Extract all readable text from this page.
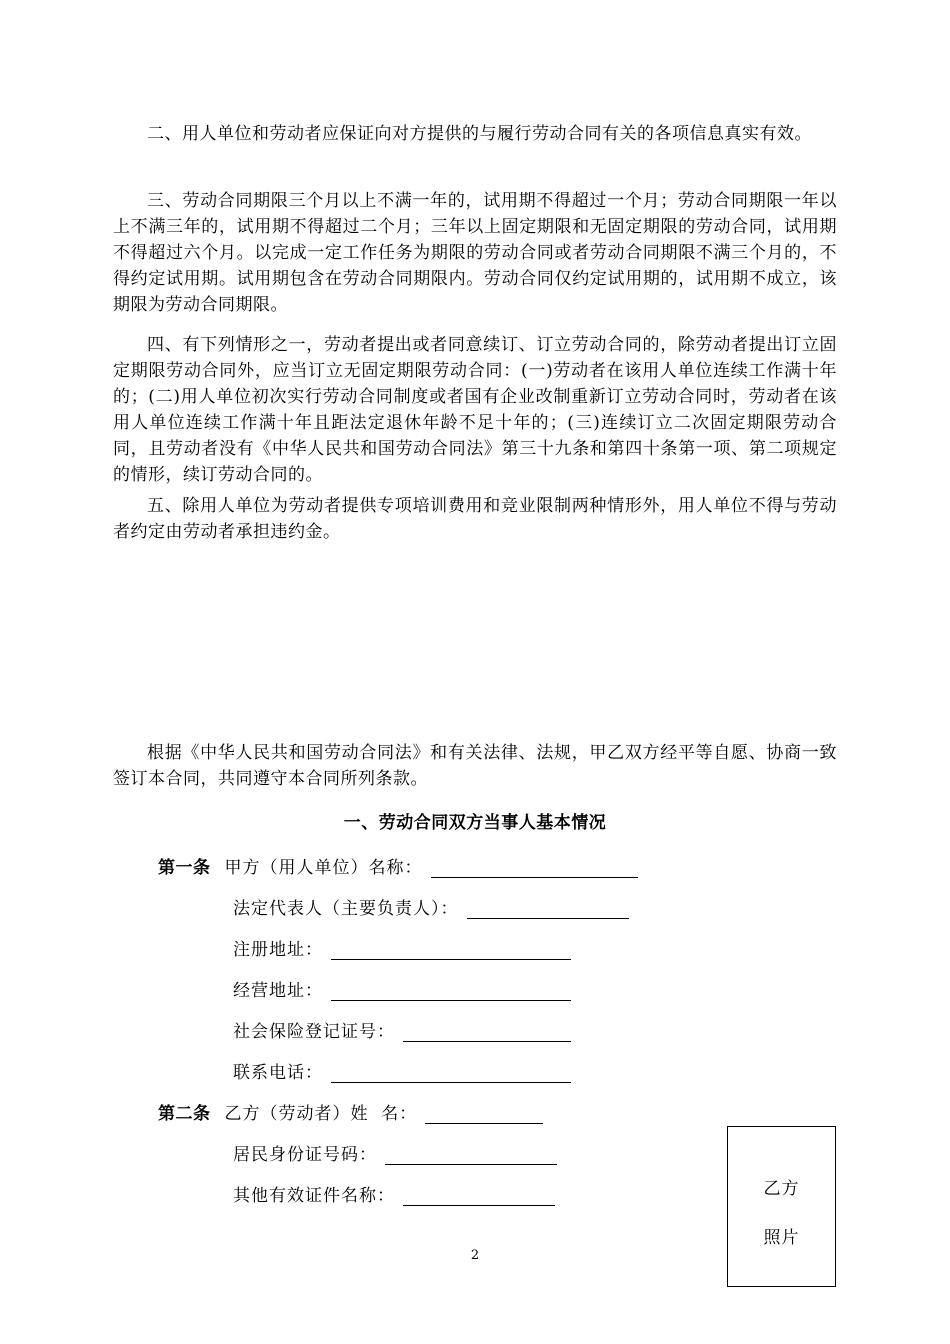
二、用人单位和劳动者应保证向对方提供的与履行劳动合同有关的各项信息真实有效。

三、劳动合同期限三个月以上不满一年的，试用期不得超过一个月；劳动合同期限一年以上不满三年的，试用期不得超过二个月；三年以上固定期限和无固定期限的劳动合同，试用期不得超过六个月。以完成一定工作任务为期限的劳动合同或者劳动合同期限不满三个月的，不得约定试用期。试用期包含在劳动合同期限内。劳动合同仅约定试用期的，试用期不成立，该期限为劳动合同期限。

四、有下列情形之一，劳动者提出或者同意续订、订立劳动合同的，除劳动者提出订立固定期限劳动合同外，应当订立无固定期限劳动合同：(一)劳动者在该用人单位连续工作满十年的；(二)用人单位初次实行劳动合同制度或者国有企业改制重新订立劳动合同时，劳动者在该用人单位连续工作满十年且距法定退休年龄不足十年的；(三)连续订立二次固定期限劳动合同，且劳动者没有《中华人民共和国劳动合同法》第三十九条和第四十条第一项、第二项规定的情形，续订劳动合同的。

五、除用人单位为劳动者提供专项培训费用和竞业限制两种情形外，用人单位不得与劳动者约定由劳动者承担违约金。

根据《中华人民共和国劳动合同法》和有关法律、法规，甲乙双方经平等自愿、协商一致签订本合同，共同遵守本合同所列条款。

一、劳动合同双方当事人基本情况
第一条 甲方（用人单位）名称：
法定代表人（主要负责人）：
注册地址：
经营地址：
社会保险登记证号：
联系电话：
第二条 乙方（劳动者）姓  名：
居民身份证号码：
其他有效证件名称：	乙方
照片
2
